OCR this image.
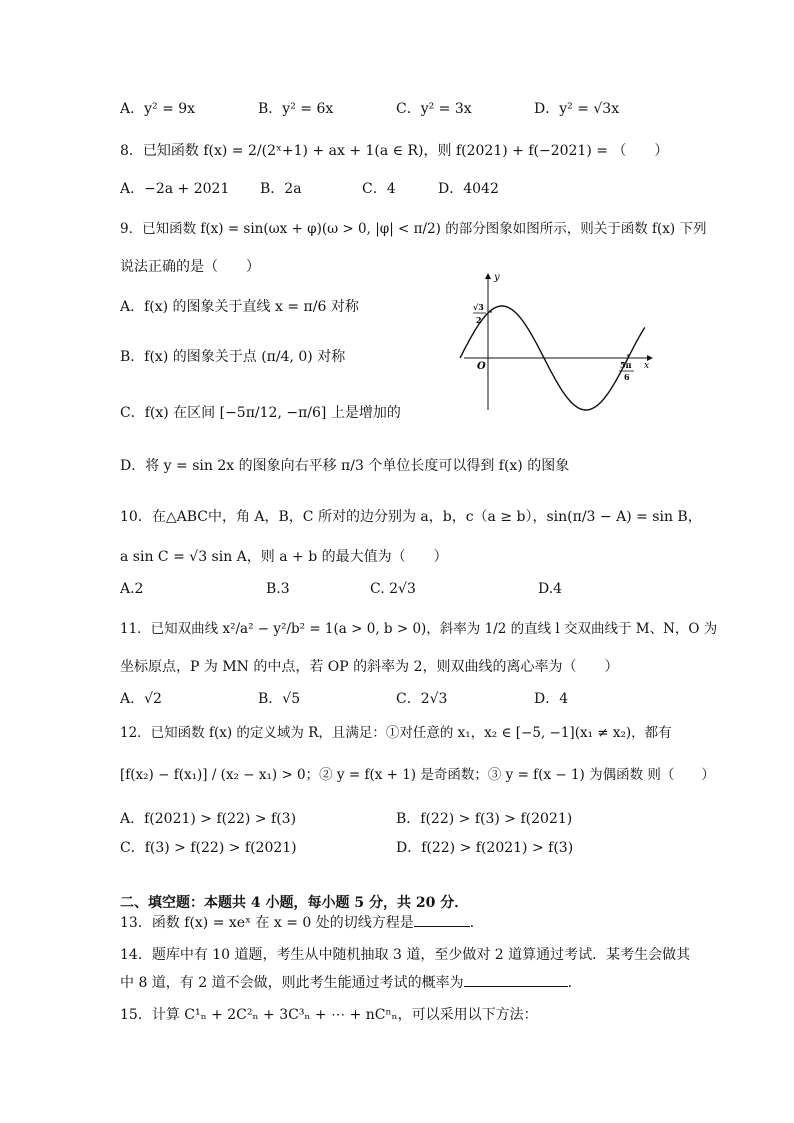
A．y² = 9x	B．y² = 6x	C．y² = 3x	D．y² = √3x
8．已知函数 f(x) = 2/(2ˣ+1) + ax + 1(a ∈ R)，则 f(2021) + f(−2021) = （　　）
A．−2a + 2021 B．2a	C．4	D．4042
9．已知函数 f(x) = sin(ωx + φ)(ω > 0, |φ| < π/2) 的部分图象如图所示，则关于函数 f(x) 下列
说法正确的是（　　）
A．f(x) 的图象关于直线 x = π/6 对称
B．f(x) 的图象关于点 (π/4, 0) 对称
C．f(x) 在区间 [−5π/12, −π/6] 上是增加的
D．将 y = sin 2x 的图象向右平移 π/3 个单位长度可以得到 f(x) 的图象
y
x
O
√3
2
5π
6
10．在△ABC中，角 A，B，C 所对的边分别为 a，b，c（a ≥ b），sin(π/3 − A) = sin B，
a sin C = √3 sin A，则 a + b 的最大值为（　　）
A.2	B.3	C. 2√3	D.4
11．已知双曲线 x²/a² − y²/b² = 1(a > 0, b > 0)，斜率为 1/2 的直线 l 交双曲线于 M、N，O 为
坐标原点，P 为 MN 的中点，若 OP 的斜率为 2，则双曲线的离心率为（　　）
A．√2	B．√5	C．2√3	D．4
12．已知函数 f(x) 的定义域为 R，且满足：①对任意的 x₁，x₂ ∈ [−5, −1](x₁ ≠ x₂)，都有
[f(x₂) − f(x₁)] / (x₂ − x₁) > 0；② y = f(x + 1) 是奇函数；③ y = f(x − 1) 为偶函数 则（　　）
A．f(2021) > f(22) > f(3)	B．f(22) > f(3) > f(2021)
C．f(3) > f(22) > f(2021)	D．f(22) > f(2021) > f(3)
二、填空题：本题共 4 小题，每小题 5 分，共 20 分．
13．函数 f(x) = xeˣ 在 x = 0 处的切线方程是	．
14．题库中有 10 道题，考生从中随机抽取 3 道，至少做对 2 道算通过考试．某考生会做其
中 8 道，有 2 道不会做，则此考生能通过考试的概率为	．
15．计算 C¹ₙ + 2C²ₙ + 3C³ₙ + ⋯ + nCⁿₙ，可以采用以下方法：
